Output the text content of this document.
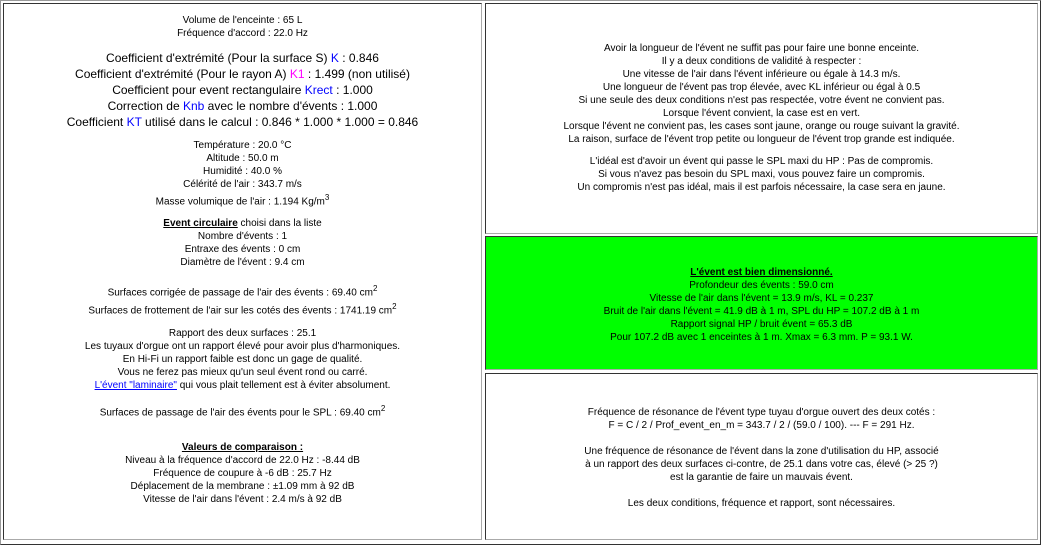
Volume de l'enceinte : 65 L
Fréquence d'accord : 22.0 Hz
Coefficient d'extrémité (Pour la surface S) K : 0.846
Coefficient d'extrémité (Pour le rayon A) K1 : 1.499 (non utilisé)
Coefficient pour event rectangulaire Krect : 1.000
Correction de Knb avec le nombre d'évents : 1.000
Coefficient KT utilisé dans le calcul : 0.846 * 1.000 * 1.000 = 0.846
Température : 20.0 °C
Altitude : 50.0 m
Humidité : 40.0 %
Célérité de l'air : 343.7 m/s
Masse volumique de l'air : 1.194 $Kg/m^3$
Event circulaire choisi dans la liste
Nombre d'évents : 1
Entraxe des évents : 0 cm
Diamètre de l'évent : 9.4 cm
Surfaces corrigée de passage de l'air des évents : 69.40 $cm^2$
Surfaces de frottement de l'air sur les cotés des évents : 1741.19 $cm^2$
Rapport des deux surfaces : 25.1
Les tuyaux d'orgue ont un rapport élevé pour avoir plus d'harmoniques.
En Hi-Fi un rapport faible est donc un gage de qualité.
Vous ne ferez pas mieux qu'un seul évent rond ou carré.
L'évent "laminaire" qui vous plait tellement est à éviter absolument.
Surfaces de passage de l'air des évents pour le SPL : 69.40 $cm^2$
Valeurs de comparaison :
Niveau à la fréquence d'accord de 22.0 Hz : -8.44 dB
Fréquence de coupure à -6 dB : 25.7 Hz
Déplacement de la membrane : ±1.09 mm à 92 dB
Vitesse de l'air dans l'évent : 2.4 m/s à 92 dB
Avoir la longueur de l'évent ne suffit pas pour faire une bonne enceinte.
Il y a deux conditions de validité à respecter :
Une vitesse de l'air dans l'évent inférieure ou égale à 14.3 m/s.
Une longueur de l'évent pas trop élevée, avec KL inférieur ou égal à 0.5
Si une seule des deux conditions n'est pas respectée, votre évent ne convient pas.
Lorsque l'évent convient, la case est en vert.
Lorsque l'évent ne convient pas, les cases sont jaune, orange ou rouge suivant la gravité.
La raison, surface de l'évent trop petite ou longueur de l'évent trop grande est indiquée.
L'idéal est d'avoir un évent qui passe le SPL maxi du HP : Pas de compromis.
Si vous n'avez pas besoin du SPL maxi, vous pouvez faire un compromis.
Un compromis n'est pas idéal, mais il est parfois nécessaire, la case sera en jaune.
L'évent est bien dimensionné.
Profondeur des évents : 59.0 cm
Vitesse de l'air dans l'évent = 13.9 m/s, KL = 0.237
Bruit de l'air dans l'évent = 41.9 dB à 1 m, SPL du HP = 107.2 dB à 1 m
Rapport signal HP / bruit évent = 65.3 dB
Pour 107.2 dB avec 1 enceintes à 1 m. Xmax = 6.3 mm. P = 93.1 W.
Fréquence de résonance de l'évent type tuyau d'orgue ouvert des deux cotés :
F = C / 2 / Prof_event_en_m = 343.7 / 2 / (59.0 / 100). --- F = 291 Hz.
Une fréquence de résonance de l'évent dans la zone d'utilisation du HP, associé
à un rapport des deux surfaces ci-contre, de 25.1 dans votre cas, élevé (> 25 ?)
est la garantie de faire un mauvais évent.
Les deux conditions, fréquence et rapport, sont nécessaires.
